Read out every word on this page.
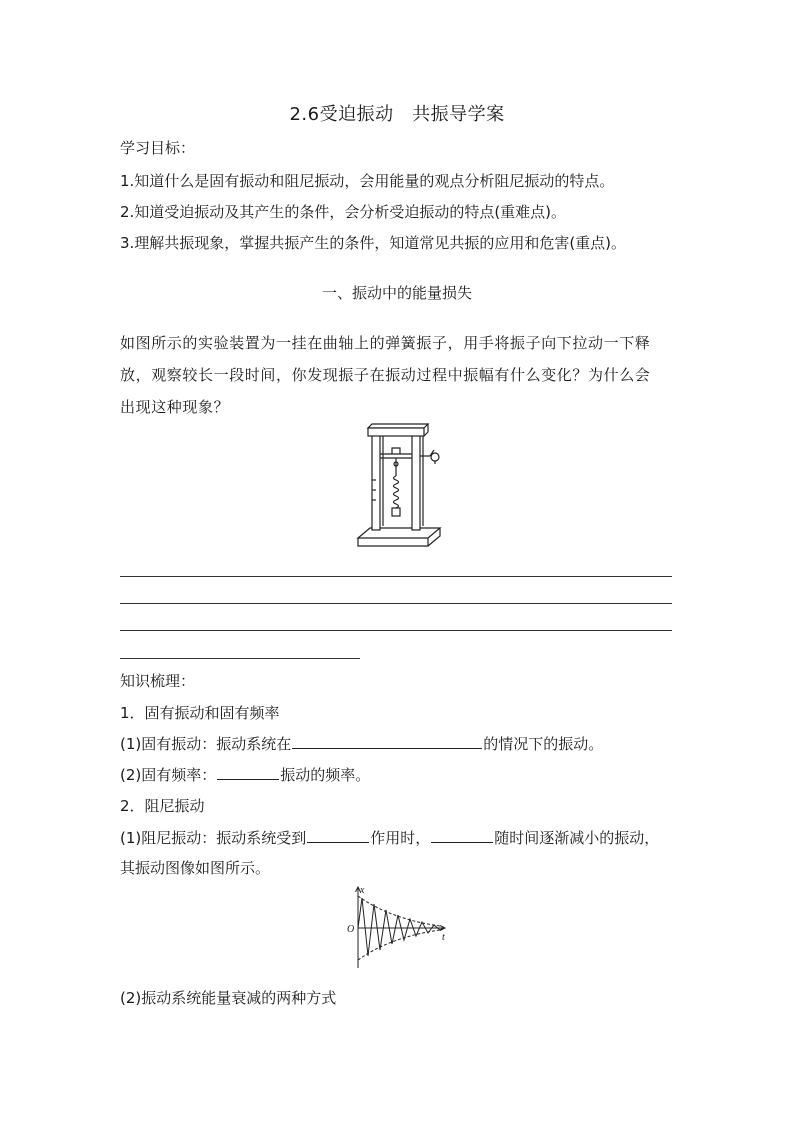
2.6受迫振动　共振导学案
学习目标：
1.知道什么是固有振动和阻尼振动，会用能量的观点分析阻尼振动的特点。
2.知道受迫振动及其产生的条件，会分析受迫振动的特点(重难点)。
3.理解共振现象，掌握共振产生的条件，知道常见共振的应用和危害(重点)。
一、振动中的能量损失
如图所示的实验装置为一挂在曲轴上的弹簧振子，用手将振子向下拉动一下释
放，观察较长一段时间，你发现振子在振动过程中振幅有什么变化？为什么会
出现这种现象？
知识梳理：
1．固有振动和固有频率
(1)固有振动：振动系统在	的情况下的振动。
(2)固有频率：	振动的频率。
2．阻尼振动
(1)阻尼振动：振动系统受到	作用时，	随时间逐渐减小的振动，
其振动图像如图所示。
x
O
t
(2)振动系统能量衰减的两种方式
